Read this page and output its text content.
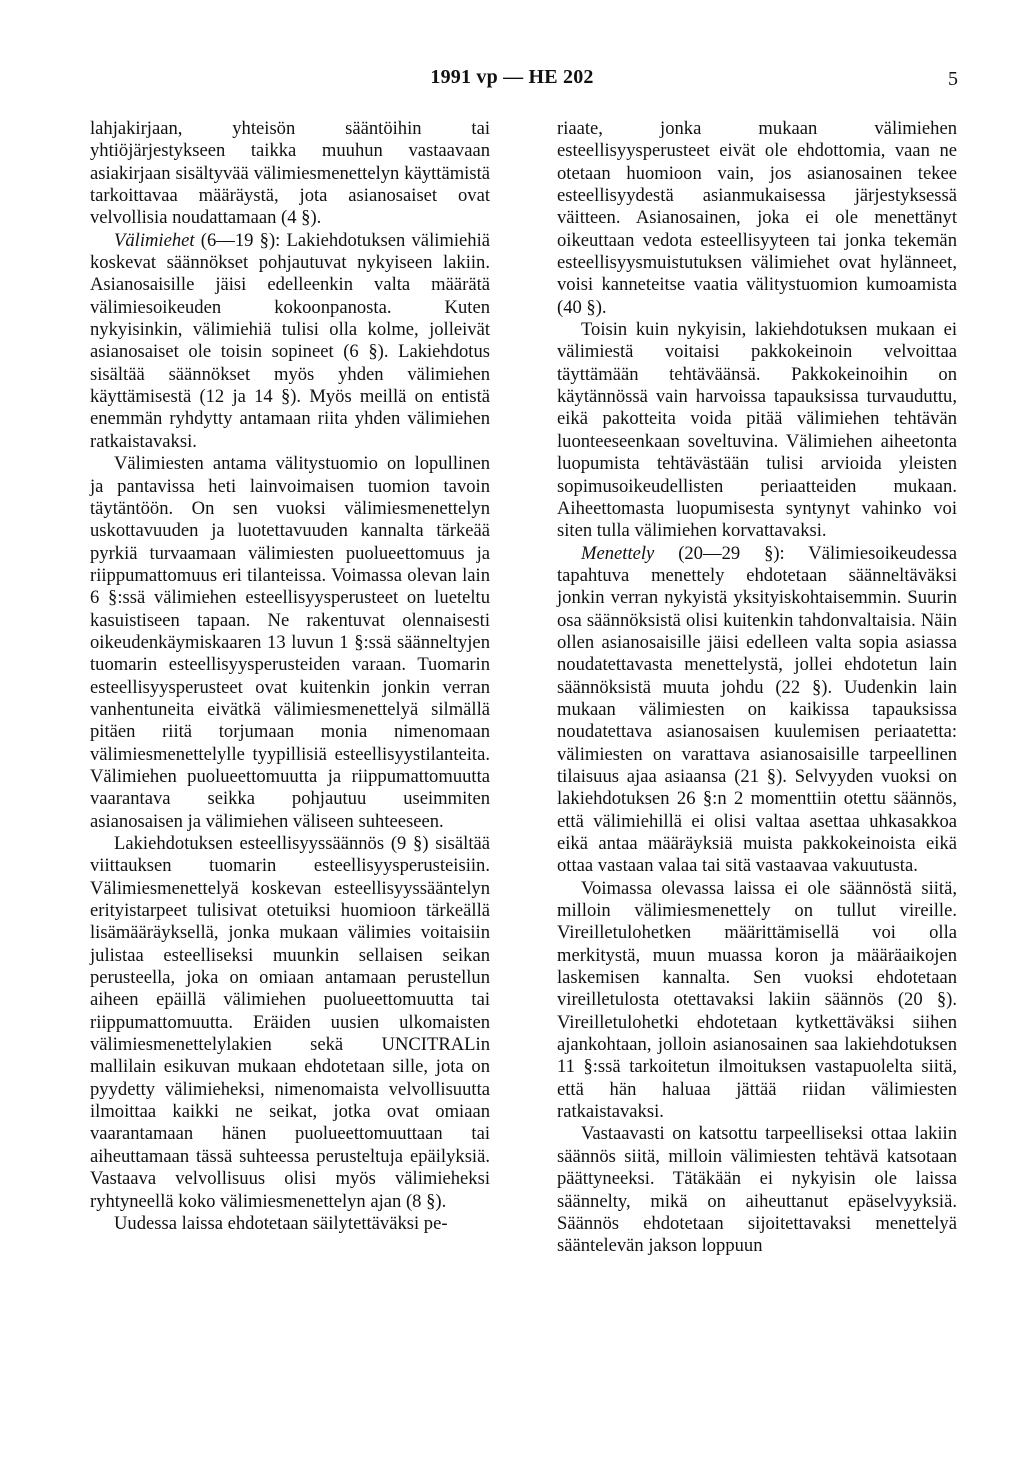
1991 vp — HE 202	5

lahjakirjaan, yhteisön sääntöihin tai yhtiöjärjestykseen taikka muuhun vastaavaan asiakirjaan sisältyvää välimiesmenettelyn käyttämistä tarkoittavaa määräystä, jota asianosaiset ovat velvollisia noudattamaan (4 §).

Välimiehet (6—19 §): Lakiehdotuksen välimiehiä koskevat säännökset pohjautuvat nykyiseen lakiin. Asianosaisille jäisi edelleenkin valta määrätä välimiesoikeuden kokoonpanosta. Kuten nykyisinkin, välimiehiä tulisi olla kolme, jolleivät asianosaiset ole toisin sopineet (6 §). Lakiehdotus sisältää säännökset myös yhden välimiehen käyttämisestä (12 ja 14 §). Myös meillä on entistä enemmän ryhdytty antamaan riita yhden välimiehen ratkaistavaksi.

Välimiesten antama välitystuomio on lopullinen ja pantavissa heti lainvoimaisen tuomion tavoin täytäntöön. On sen vuoksi välimiesmenettelyn uskottavuuden ja luotettavuuden kannalta tärkeää pyrkiä turvaamaan välimiesten puolueettomuus ja riippumattomuus eri tilanteissa. Voimassa olevan lain 6 §:ssä välimiehen esteellisyysperusteet on lueteltu kasuistiseen tapaan. Ne rakentuvat olennaisesti oikeudenkäymiskaaren 13 luvun 1 §:ssä säänneltyjen tuomarin esteellisyysperusteiden varaan. Tuomarin esteellisyysperusteet ovat kuitenkin jonkin verran vanhentuneita eivätkä välimiesmenettelyä silmällä pitäen riitä torjumaan monia nimenomaan välimiesmenettelylle tyypillisiä esteellisyystilanteita. Välimiehen puolueettomuutta ja riippumattomuutta vaarantava seikka pohjautuu useimmiten asianosaisen ja välimiehen väliseen suhteeseen.

Lakiehdotuksen esteellisyyssäännös (9 §) sisältää viittauksen tuomarin esteellisyysperusteisiin. Välimiesmenettelyä koskevan esteellisyyssääntelyn erityistarpeet tulisivat otetuiksi huomioon tärkeällä lisämääräyksellä, jonka mukaan välimies voitaisiin julistaa esteelliseksi muunkin sellaisen seikan perusteella, joka on omiaan antamaan perustellun aiheen epäillä välimiehen puolueettomuutta tai riippumattomuutta. Eräiden uusien ulkomaisten välimiesmenettelylakien sekä UNCITRALin mallilain esikuvan mukaan ehdotetaan sille, jota on pyydetty välimieheksi, nimenomaista velvollisuutta ilmoittaa kaikki ne seikat, jotka ovat omiaan vaarantamaan hänen puolueettomuuttaan tai aiheuttamaan tässä suhteessa perusteltuja epäilyksiä. Vastaava velvollisuus olisi myös välimieheksi ryhtyneellä koko välimiesmenettelyn ajan (8 §).

Uudessa laissa ehdotetaan säilytettäväksi pe-

riaate, jonka mukaan välimiehen esteellisyysperusteet eivät ole ehdottomia, vaan ne otetaan huomioon vain, jos asianosainen tekee esteellisyydestä asianmukaisessa järjestyksessä väitteen. Asianosainen, joka ei ole menettänyt oikeuttaan vedota esteellisyyteen tai jonka tekemän esteellisyysmuistutuksen välimiehet ovat hylänneet, voisi kanneteitse vaatia välitystuomion kumoamista (40 §).

Toisin kuin nykyisin, lakiehdotuksen mukaan ei välimiestä voitaisi pakkokeinoin velvoittaa täyttämään tehtäväänsä. Pakkokeinoihin on käytännössä vain harvoissa tapauksissa turvauduttu, eikä pakotteita voida pitää välimiehen tehtävän luonteeseenkaan soveltuvina. Välimiehen aiheetonta luopumista tehtävästään tulisi arvioida yleisten sopimusoikeudellisten periaatteiden mukaan. Aiheettomasta luopumisesta syntynyt vahinko voi siten tulla välimiehen korvattavaksi.

Menettely (20—29 §): Välimiesoikeudessa tapahtuva menettely ehdotetaan säänneltäväksi jonkin verran nykyistä yksityiskohtaisemmin. Suurin osa säännöksistä olisi kuitenkin tahdonvaltaisia. Näin ollen asianosaisille jäisi edelleen valta sopia asiassa noudatettavasta menettelystä, jollei ehdotetun lain säännöksistä muuta johdu (22 §). Uudenkin lain mukaan välimiesten on kaikissa tapauksissa noudatettava asianosaisen kuulemisen periaatetta: välimiesten on varattava asianosaisille tarpeellinen tilaisuus ajaa asiaansa (21 §). Selvyyden vuoksi on lakiehdotuksen 26 §:n 2 momenttiin otettu säännös, että välimiehillä ei olisi valtaa asettaa uhkasakkoa eikä antaa määräyksiä muista pakkokeinoista eikä ottaa vastaan valaa tai sitä vastaavaa vakuutusta.

Voimassa olevassa laissa ei ole säännöstä siitä, milloin välimiesmenettely on tullut vireille. Vireilletulohetken määrittämisellä voi olla merkitystä, muun muassa koron ja määräaikojen laskemisen kannalta. Sen vuoksi ehdotetaan vireilletulosta otettavaksi lakiin säännös (20 §). Vireilletulohetki ehdotetaan kytkettäväksi siihen ajankohtaan, jolloin asianosainen saa lakiehdotuksen 11 §:ssä tarkoitetun ilmoituksen vastapuolelta siitä, että hän haluaa jättää riidan välimiesten ratkaistavaksi.

Vastaavasti on katsottu tarpeelliseksi ottaa lakiin säännös siitä, milloin välimiesten tehtävä katsotaan päättyneeksi. Tätäkään ei nykyisin ole laissa säännelty, mikä on aiheuttanut epäselvyyksiä. Säännös ehdotetaan sijoitettavaksi menettelyä sääntelevän jakson loppuun
